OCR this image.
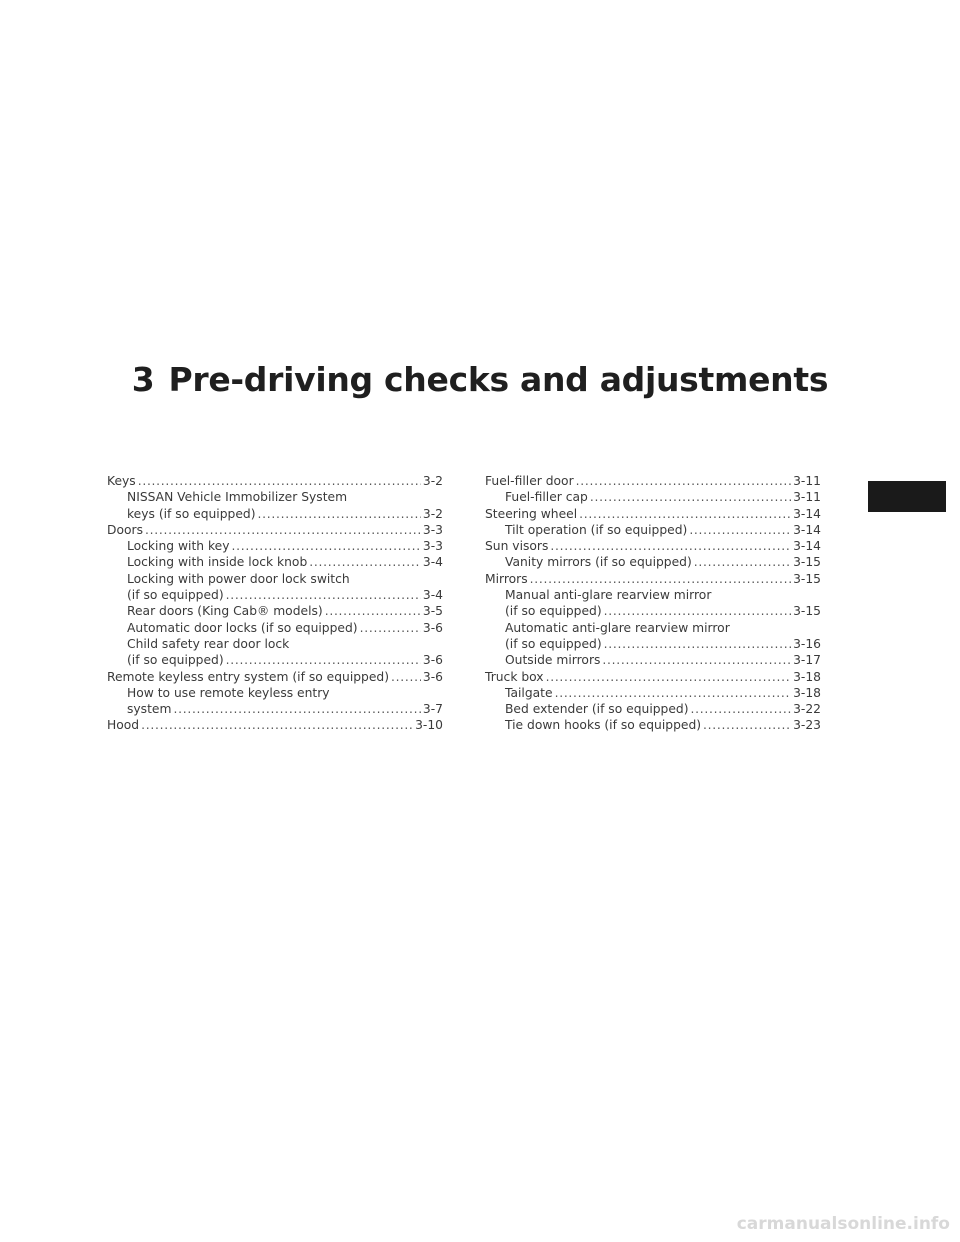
3 Pre-driving checks and adjustments
Keys . . .	3-2
NISSAN Vehicle Immobilizer System
keys (if so equipped) . . .	3-2
Doors . . .	3-3
Locking with key . . .	3-3
Locking with inside lock knob . . .	3-4
Locking with power door lock switch
(if so equipped) . . .	3-4
Rear doors (King Cab® models) . . .	3-5
Automatic door locks (if so equipped) . . .	3-6
Child safety rear door lock
(if so equipped) . . .	3-6
Remote keyless entry system (if so equipped) . . .	3-6
How to use remote keyless entry
system . . .	3-7
Hood . . .	3-10
Fuel-filler door . . .	3-11
Fuel-filler cap . . .	3-11
Steering wheel . . .	3-14
Tilt operation (if so equipped) . . .	3-14
Sun visors . . .	3-14
Vanity mirrors (if so equipped) . . .	3-15
Mirrors . . .	3-15
Manual anti-glare rearview mirror
(if so equipped) . . .	3-15
Automatic anti-glare rearview mirror
(if so equipped) . . .	3-16
Outside mirrors . . .	3-17
Truck box . . .	3-18
Tailgate . . .	3-18
Bed extender (if so equipped) . . .	3-22
Tie down hooks (if so equipped) . . .	3-23
carmanualsonline.info
